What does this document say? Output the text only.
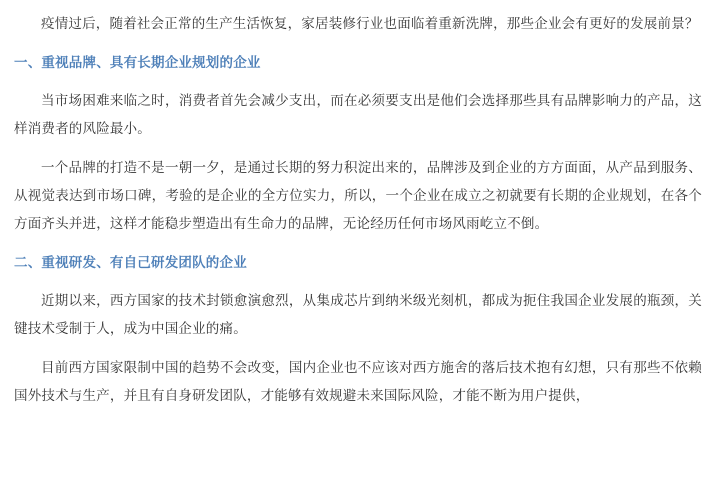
疫情过后，随着社会正常的生产生活恢复，家居装修行业也面临着重新洗牌，那些企业会有更好的发展前景？

一、重视品牌、具有长期企业规划的企业

当市场困难来临之时，消费者首先会减少支出，而在必须要支出是他们会选择那些具有品牌影响力的产品，这样消费者的风险最小。

一个品牌的打造不是一朝一夕，是通过长期的努力积淀出来的，品牌涉及到企业的方方面面，从产品到服务、从视觉表达到市场口碑，考验的是企业的全方位实力，所以，一个企业在成立之初就要有长期的企业规划，在各个方面齐头并进，这样才能稳步塑造出有生命力的品牌，无论经历任何市场风雨屹立不倒。

二、重视研发、有自己研发团队的企业

近期以来，西方国家的技术封锁愈演愈烈，从集成芯片到纳米级光刻机，都成为扼住我国企业发展的瓶颈，关键技术受制于人，成为中国企业的痛。

目前西方国家限制中国的趋势不会改变，国内企业也不应该对西方施舍的落后技术抱有幻想，只有那些不依赖国外技术与生产，并且有自身研发团队，才能够有效规避未来国际风险，才能不断为用户提供，
